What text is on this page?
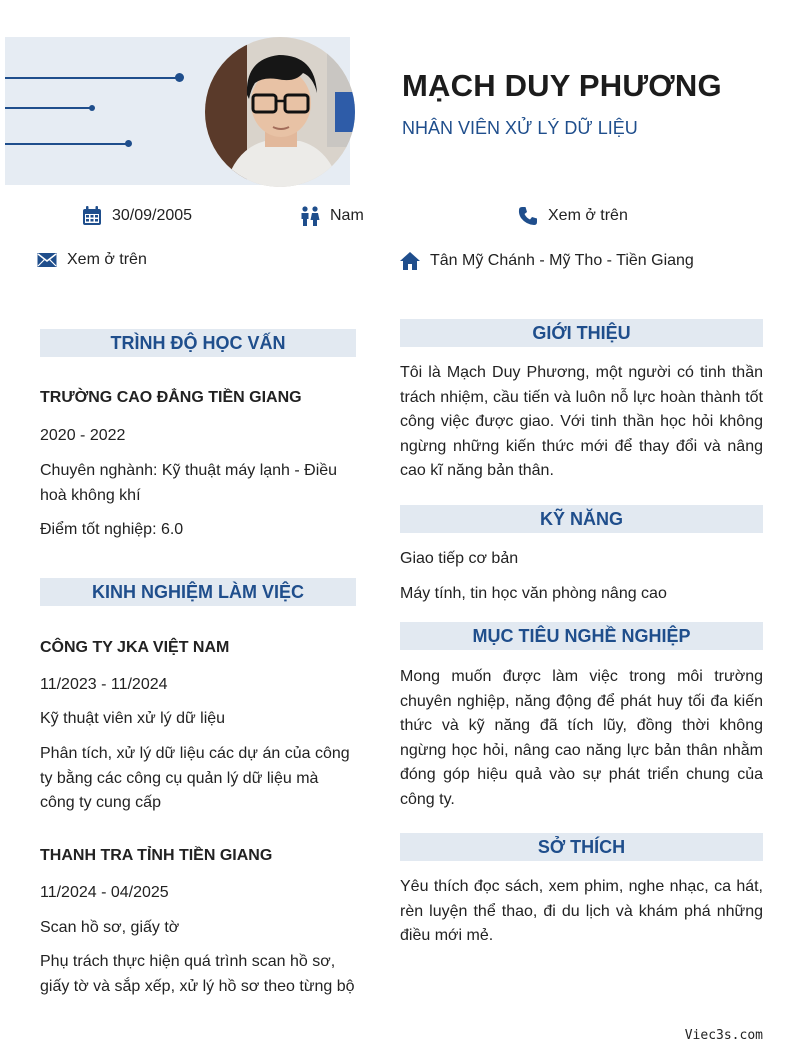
MẠCH DUY PHƯƠNG
NHÂN VIÊN XỬ LÝ DỮ LIỆU
30/09/2005	Nam	Xem ở trên
Xem ở trên	Tân Mỹ Chánh - Mỹ Tho - Tiền Giang
TRÌNH ĐỘ HỌC VẤN
TRƯỜNG CAO ĐẲNG TIỀN GIANG
2020 - 2022
Chuyên nghành: Kỹ thuật máy lạnh - Điều hoà không khí
Điểm tốt nghiệp: 6.0
KINH NGHIỆM LÀM VIỆC
CÔNG TY JKA VIỆT NAM
11/2023 - 11/2024
Kỹ thuật viên xử lý dữ liệu
Phân tích, xử lý dữ liệu các dự án của công ty bằng các công cụ quản lý dữ liệu mà công ty cung cấp
THANH TRA TỈNH TIỀN GIANG
11/2024 - 04/2025
Scan hồ sơ, giấy tờ
Phụ trách thực hiện quá trình scan hồ sơ, giấy tờ và sắp xếp, xử lý hồ sơ theo từng bộ
GIỚI THIỆU
Tôi là Mạch Duy Phương, một người có tinh thần trách nhiệm, cầu tiến và luôn nỗ lực hoàn thành tốt công việc được giao. Với tinh thần học hỏi không ngừng những kiến thức mới để thay đổi và nâng cao kĩ năng bản thân.
KỸ NĂNG
Giao tiếp cơ bản
Máy tính, tin học văn phòng nâng cao
MỤC TIÊU NGHỀ NGHIỆP
Mong muốn được làm việc trong môi trường chuyên nghiệp, năng động để phát huy tối đa kiến thức và kỹ năng đã tích lũy, đồng thời không ngừng học hỏi, nâng cao năng lực bản thân nhằm đóng góp hiệu quả vào sự phát triển chung của công ty.
SỞ THÍCH
Yêu thích đọc sách, xem phim, nghe nhạc, ca hát, rèn luyện thể thao, đi du lịch và khám phá những điều mới mẻ.
Viec3s.com
